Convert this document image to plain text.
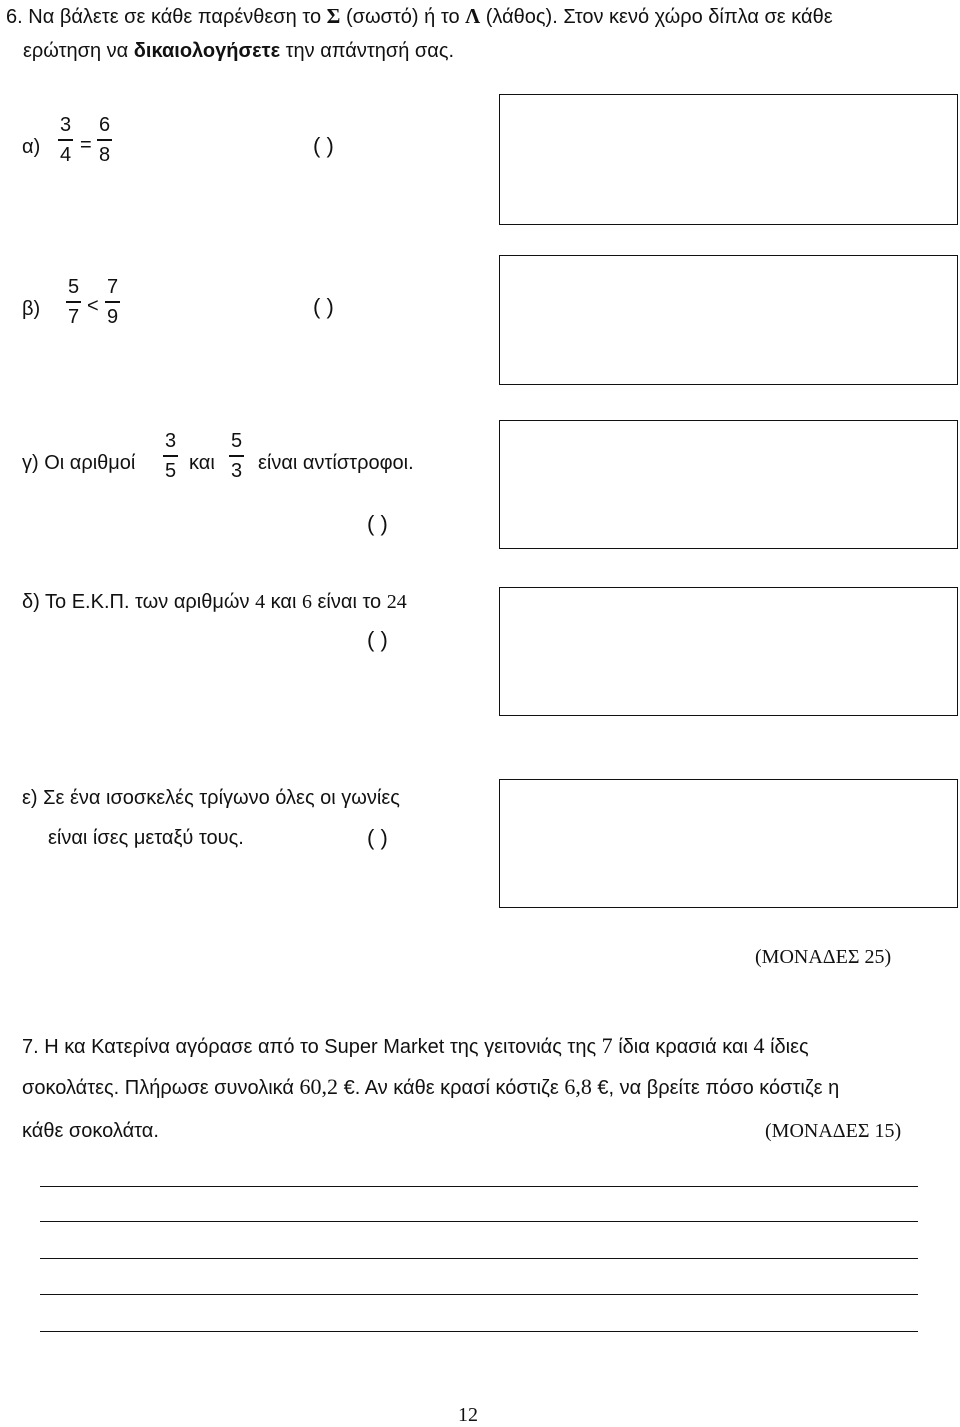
6. Να βάλετε σε κάθε παρένθεση το Σ (σωστό) ή το Λ (λάθος). Στον κενό χώρο δίπλα σε κάθε
ερώτηση να δικαιολογήσετε την απάντησή σας.
α)
3
4 =
6
8	( )
β)
5
7 <
7
9	( )
γ) Οι αριθμοί
3
5 και
5
3 είναι αντίστροφοι.
( )
δ) Το Ε.Κ.Π. των αριθμών 4 και 6 είναι το 24
( )
ε) Σε ένα ισοσκελές τρίγωνο όλες οι γωνίες
είναι ίσες μεταξύ τους.	( )
(ΜΟΝΑΔΕΣ 25)
7. Η κα Κατερίνα αγόρασε από το Super Market της γειτονιάς της 7 ίδια κρασιά και 4 ίδιες
σοκολάτες. Πλήρωσε συνολικά 60,2 €. Αν κάθε κρασί κόστιζε 6,8 €, να βρείτε πόσο κόστιζε η
κάθε σοκολάτα.	(ΜΟΝΑΔΕΣ 15)
12
